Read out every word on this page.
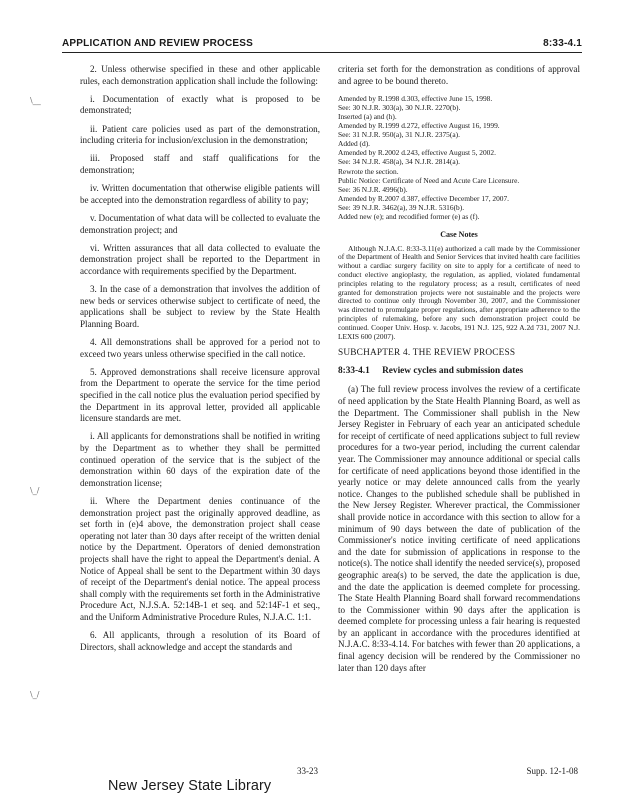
APPLICATION AND REVIEW PROCESS	8:33-4.1
\__
\_/
\_/

2. Unless otherwise specified in these and other applicable rules, each demonstration application shall include the following:

i. Documentation of exactly what is proposed to be demonstrated;

ii. Patient care policies used as part of the demonstration, including criteria for inclusion/exclusion in the demonstration;

iii. Proposed staff and staff qualifications for the demonstration;

iv. Written documentation that otherwise eligible patients will be accepted into the demonstration regardless of ability to pay;

v. Documentation of what data will be collected to evaluate the demonstration project; and

vi. Written assurances that all data collected to evaluate the demonstration project shall be reported to the Department in accordance with requirements specified by the Department.

3. In the case of a demonstration that involves the addition of new beds or services otherwise subject to certificate of need, the applications shall be subject to review by the State Health Planning Board.

4. All demonstrations shall be approved for a period not to exceed two years unless otherwise specified in the call notice.

5. Approved demonstrations shall receive licensure approval from the Department to operate the service for the time period specified in the call notice plus the evaluation period specified by the Department in its approval letter, provided all applicable licensure standards are met.

i. All applicants for demonstrations shall be notified in writing by the Department as to whether they shall be permitted continued operation of the service that is the subject of the demonstration within 60 days of the expiration date of the demonstration license;

ii. Where the Department denies continuance of the demonstration project past the originally approved deadline, as set forth in (e)4 above, the demonstration project shall cease operating not later than 30 days after receipt of the written denial notice by the Department. Operators of denied demonstration projects shall have the right to appeal the Department's denial. A Notice of Appeal shall be sent to the Department within 30 days of receipt of the Department's denial notice. The appeal process shall comply with the requirements set forth in the Administrative Procedure Act, N.J.S.A. 52:14B-1 et seq. and 52:14F-1 et seq., and the Uniform Administrative Procedure Rules, N.J.A.C. 1:1.

6. All applicants, through a resolution of its Board of Directors, shall acknowledge and accept the standards and

criteria set forth for the demonstration as conditions of approval and agree to be bound thereto.

Amended by R.1998 d.303, effective June 15, 1998.
See: 30 N.J.R. 303(a), 30 N.J.R. 2270(b).
Inserted (a) and (h).
Amended by R.1999 d.272, effective August 16, 1999.
See: 31 N.J.R. 950(a), 31 N.J.R. 2375(a).
Added (d).
Amended by R.2002 d.243, effective August 5, 2002.
See: 34 N.J.R. 458(a), 34 N.J.R. 2814(a).
Rewrote the section.
Public Notice: Certificate of Need and Acute Care Licensure.
See: 36 N.J.R. 4996(b).
Amended by R.2007 d.387, effective December 17, 2007.
See: 39 N.J.R. 3462(a), 39 N.J.R. 5316(b).
Added new (e); and recodified former (e) as (f).
Case Notes

Although N.J.A.C. 8:33-3.11(e) authorized a call made by the Commissioner of the Department of Health and Senior Services that invited health care facilities without a cardiac surgery facility on site to apply for a certificate of need to conduct elective angioplasty, the regulation, as applied, violated fundamental principles relating to the regulatory process; as a result, certificates of need granted for demonstration projects were not sustainable and the projects were directed to continue only through November 30, 2007, and the Commissioner was directed to promulgate proper regulations, after appropriate adherence to the principles of rulemaking, before any such demonstration project could be continued. Cooper Univ. Hosp. v. Jacobs, 191 N.J. 125, 922 A.2d 731, 2007 N.J. LEXIS 600 (2007).

SUBCHAPTER 4. THE REVIEW PROCESS

8:33-4.1 Review cycles and submission dates

(a) The full review process involves the review of a certificate of need application by the State Health Planning Board, as well as the Department. The Commissioner shall publish in the New Jersey Register in February of each year an anticipated schedule for receipt of certificate of need applications subject to full review procedures for a two-year period, including the current calendar year. The Commissioner may announce additional or special calls for certificate of need applications beyond those identified in the yearly notice or may delete announced calls from the yearly notice. Changes to the published schedule shall be published in the New Jersey Register. Wherever practical, the Commissioner shall provide notice in accordance with this section to allow for a minimum of 90 days between the date of publication of the Commissioner's notice inviting certificate of need applications and the date for submission of applications in response to the notice(s). The notice shall identify the needed service(s), proposed geographic area(s) to be served, the date the application is due, and the date the application is deemed complete for processing. The State Health Planning Board shall forward recommendations to the Commissioner within 90 days after the application is deemed complete for processing unless a fair hearing is requested by an applicant in accordance with the procedures identified at N.J.A.C. 8:33-4.14. For batches with fewer than 20 applications, a final agency decision will be rendered by the Commissioner no later than 120 days after

33-23	Supp. 12-1-08
New Jersey State Library
